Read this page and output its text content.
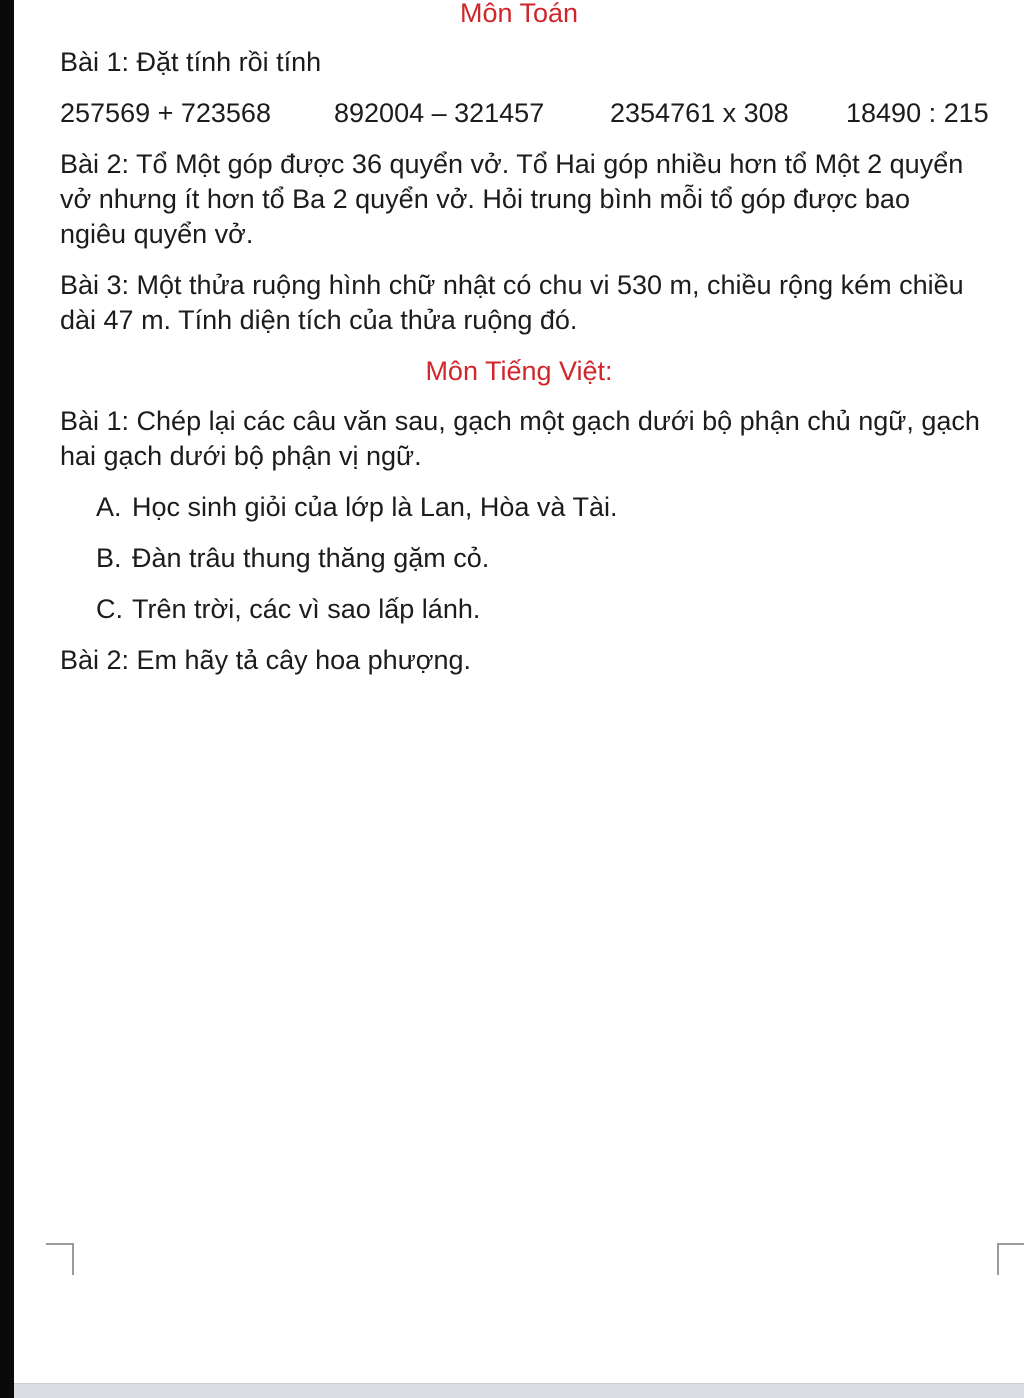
Môn Toán

Bài 1: Đặt tính rồi tính

257569 + 723568 892004 – 321457 2354761 x 308 18490 : 215

Bài 2: Tổ Một góp được 36 quyển vở. Tổ Hai góp nhiều hơn tổ Một 2 quyển

vở nhưng ít hơn tổ Ba 2 quyển vở. Hỏi trung bình mỗi tổ góp được bao

ngiêu quyển vở.

Bài 3: Một thửa ruộng hình chữ nhật có chu vi 530 m, chiều rộng kém chiều

dài 47 m. Tính diện tích của thửa ruộng đó.

Môn Tiếng Việt:

Bài 1: Chép lại các câu văn sau, gạch một gạch dưới bộ phận chủ ngữ, gạch

hai gạch dưới bộ phận vị ngữ.

A. Học sinh giỏi của lớp là Lan, Hòa và Tài.
B. Đàn trâu thung thăng gặm cỏ.
C. Trên trời, các vì sao lấp lánh.

Bài 2: Em hãy tả cây hoa phượng.
